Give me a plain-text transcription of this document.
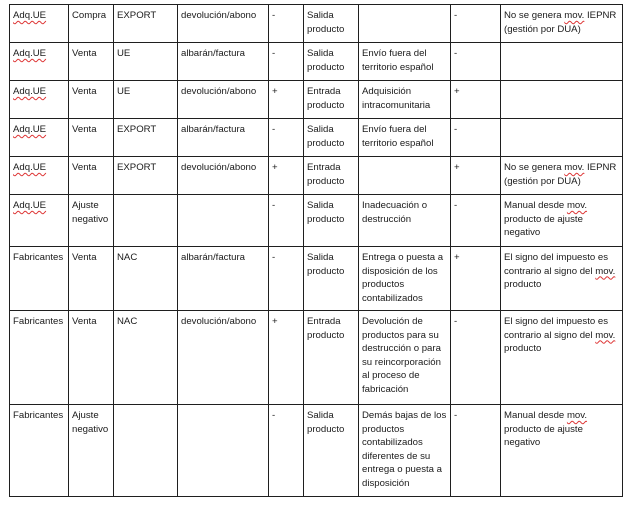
Adq.UE	Compra	EXPORT	devolución/abono	-	Salida producto		-	No se genera mov. IEPNR (gestión por DUA)
Adq.UE	Venta	UE	albarán/factura	-	Salida producto	Envío fuera del territorio español	-	
Adq.UE	Venta	UE	devolución/abono	+	Entrada producto	Adquisición intracomunitaria	+	
Adq.UE	Venta	EXPORT	albarán/factura	-	Salida producto	Envío fuera del territorio español	-	
Adq.UE	Venta	EXPORT	devolución/abono	+	Entrada producto		+	No se genera mov. IEPNR (gestión por DUA)
Adq.UE	Ajuste negativo			-	Salida producto	Inadecuación o destrucción	-	Manual desde mov. producto de ajuste negativo
Fabricantes	Venta	NAC	albarán/factura	-	Salida producto	Entrega o puesta a disposición de los productos contabilizados	+	El signo del impuesto es contrario al signo del mov. producto
Fabricantes	Venta	NAC	devolución/abono	+	Entrada producto	Devolución de productos para su destrucción o para su reincorporación al proceso de fabricación	-	El signo del impuesto es contrario al signo del mov. producto
Fabricantes	Ajuste negativo			-	Salida producto	Demás bajas de los productos contabilizados diferentes de su entrega o puesta a disposición	-	Manual desde mov. producto de ajuste negativo
